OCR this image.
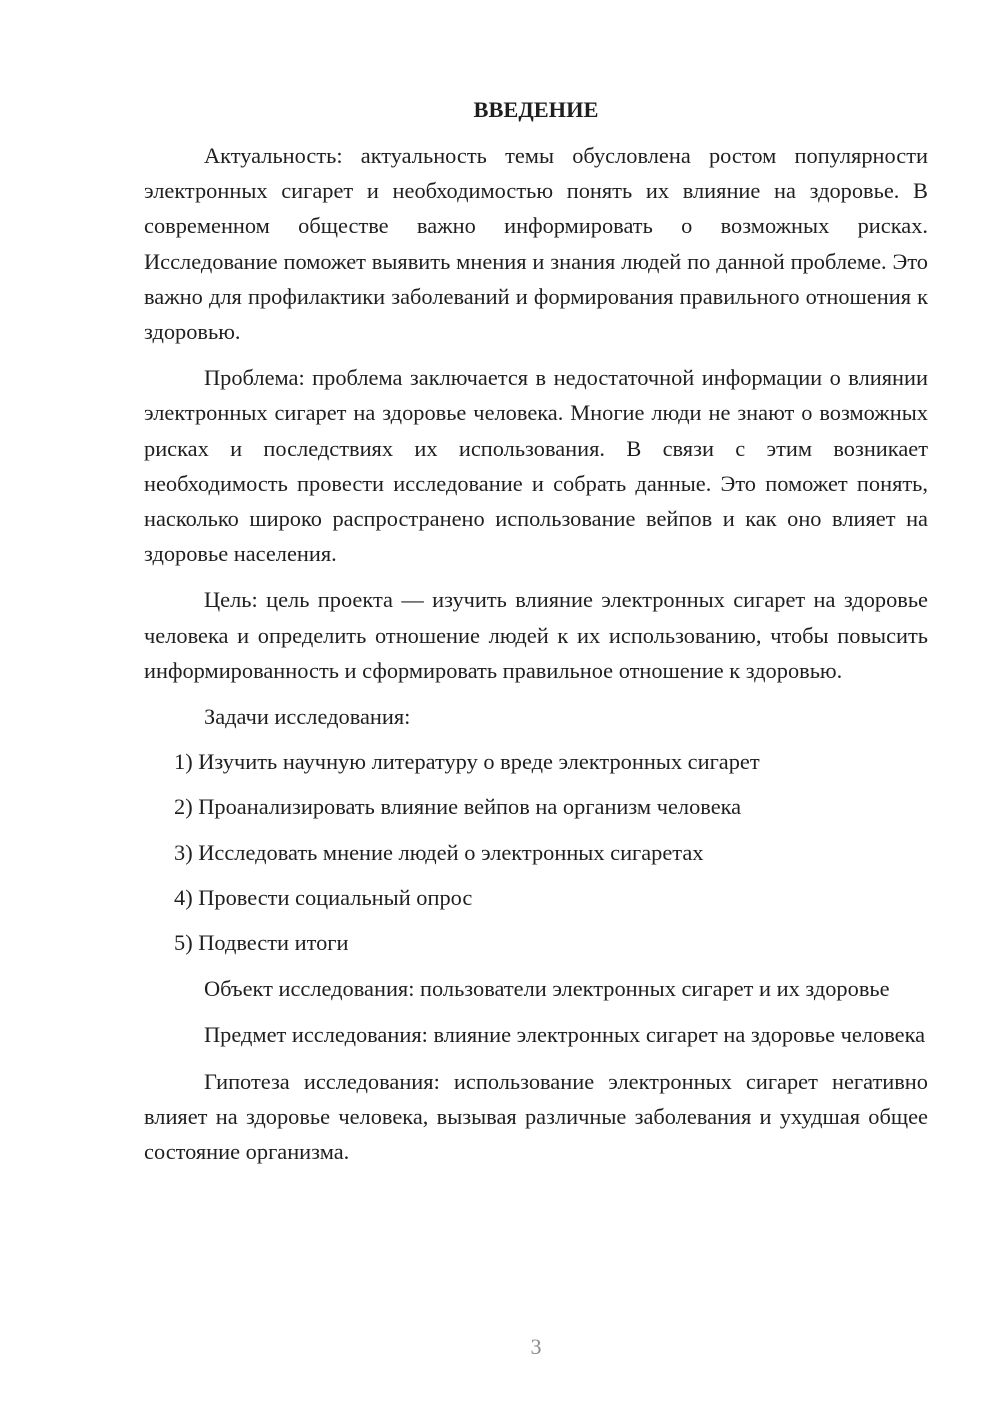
ВВЕДЕНИЕ

Актуальность: актуальность темы обусловлена ростом популярности электронных сигарет и необходимостью понять их влияние на здоровье. В современном обществе важно информировать о возможных рисках. Исследование поможет выявить мнения и знания людей по данной проблеме. Это важно для профилактики заболеваний и формирования правильного отношения к здоровью.

Проблема: проблема заключается в недостаточной информации о влиянии электронных сигарет на здоровье человека. Многие люди не знают о возможных рисках и последствиях их использования. В связи с этим возникает необходимость провести исследование и собрать данные. Это поможет понять, насколько широко распространено использование вейпов и как оно влияет на здоровье населения.

Цель: цель проекта — изучить влияние электронных сигарет на здоровье человека и определить отношение людей к их использованию, чтобы повысить информированность и сформировать правильное отношение к здоровью.

Задачи исследования:

1) Изучить научную литературу о вреде электронных сигарет
2) Проанализировать влияние вейпов на организм человека
3) Исследовать мнение людей о электронных сигаретах
4) Провести социальный опрос
5) Подвести итоги

Объект исследования: пользователи электронных сигарет и их здоровье

Предмет исследования: влияние электронных сигарет на здоровье человека

Гипотеза исследования: использование электронных сигарет негативно влияет на здоровье человека, вызывая различные заболевания и ухудшая общее состояние организма.

3
